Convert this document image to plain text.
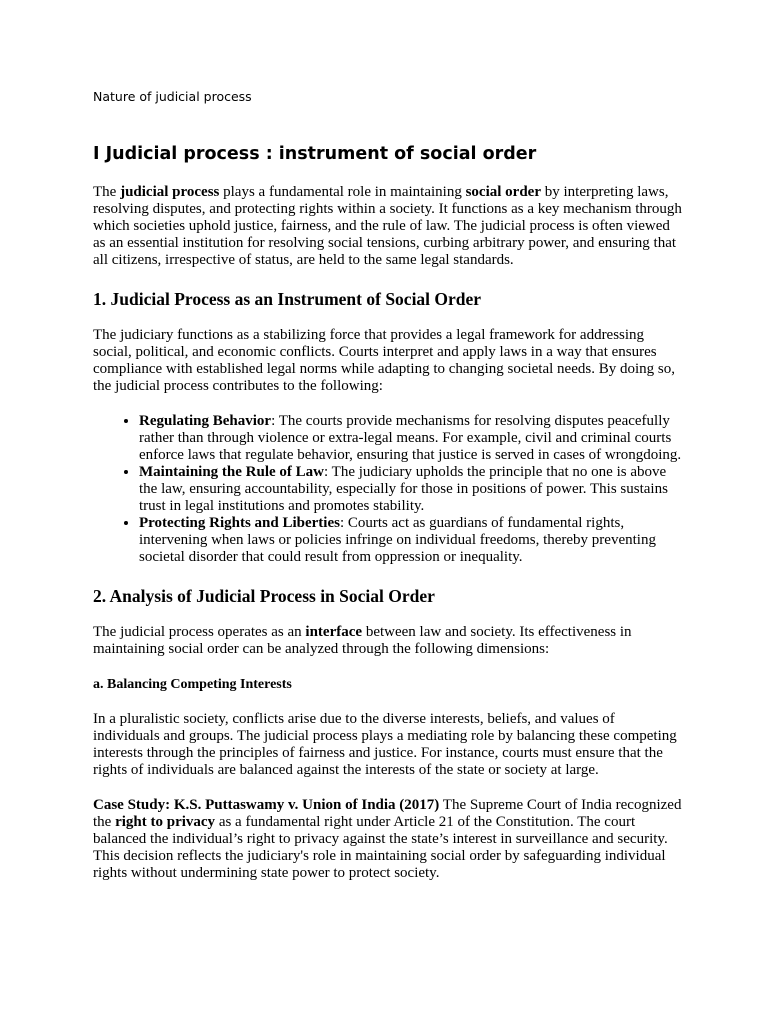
Nature of judicial process

I Judicial process : instrument of social order

The judicial process plays a fundamental role in maintaining social order by interpreting laws, resolving disputes, and protecting rights within a society. It functions as a key mechanism through which societies uphold justice, fairness, and the rule of law. The judicial process is often viewed as an essential institution for resolving social tensions, curbing arbitrary power, and ensuring that all citizens, irrespective of status, are held to the same legal standards.

1. Judicial Process as an Instrument of Social Order

The judiciary functions as a stabilizing force that provides a legal framework for addressing social, political, and economic conflicts. Courts interpret and apply laws in a way that ensures compliance with established legal norms while adapting to changing societal needs. By doing so, the judicial process contributes to the following:

• Regulating Behavior: The courts provide mechanisms for resolving disputes peacefully rather than through violence or extra-legal means. For example, civil and criminal courts enforce laws that regulate behavior, ensuring that justice is served in cases of wrongdoing.
• Maintaining the Rule of Law: The judiciary upholds the principle that no one is above the law, ensuring accountability, especially for those in positions of power. This sustains trust in legal institutions and promotes stability.
• Protecting Rights and Liberties: Courts act as guardians of fundamental rights, intervening when laws or policies infringe on individual freedoms, thereby preventing societal disorder that could result from oppression or inequality.
2. Analysis of Judicial Process in Social Order

The judicial process operates as an interface between law and society. Its effectiveness in maintaining social order can be analyzed through the following dimensions:

a. Balancing Competing Interests

In a pluralistic society, conflicts arise due to the diverse interests, beliefs, and values of individuals and groups. The judicial process plays a mediating role by balancing these competing interests through the principles of fairness and justice. For instance, courts must ensure that the rights of individuals are balanced against the interests of the state or society at large.

Case Study: K.S. Puttaswamy v. Union of India (2017) The Supreme Court of India recognized the right to privacy as a fundamental right under Article 21 of the Constitution. The court balanced the individual’s right to privacy against the state’s interest in surveillance and security. This decision reflects the judiciary's role in maintaining social order by safeguarding individual rights without undermining state power to protect society.
